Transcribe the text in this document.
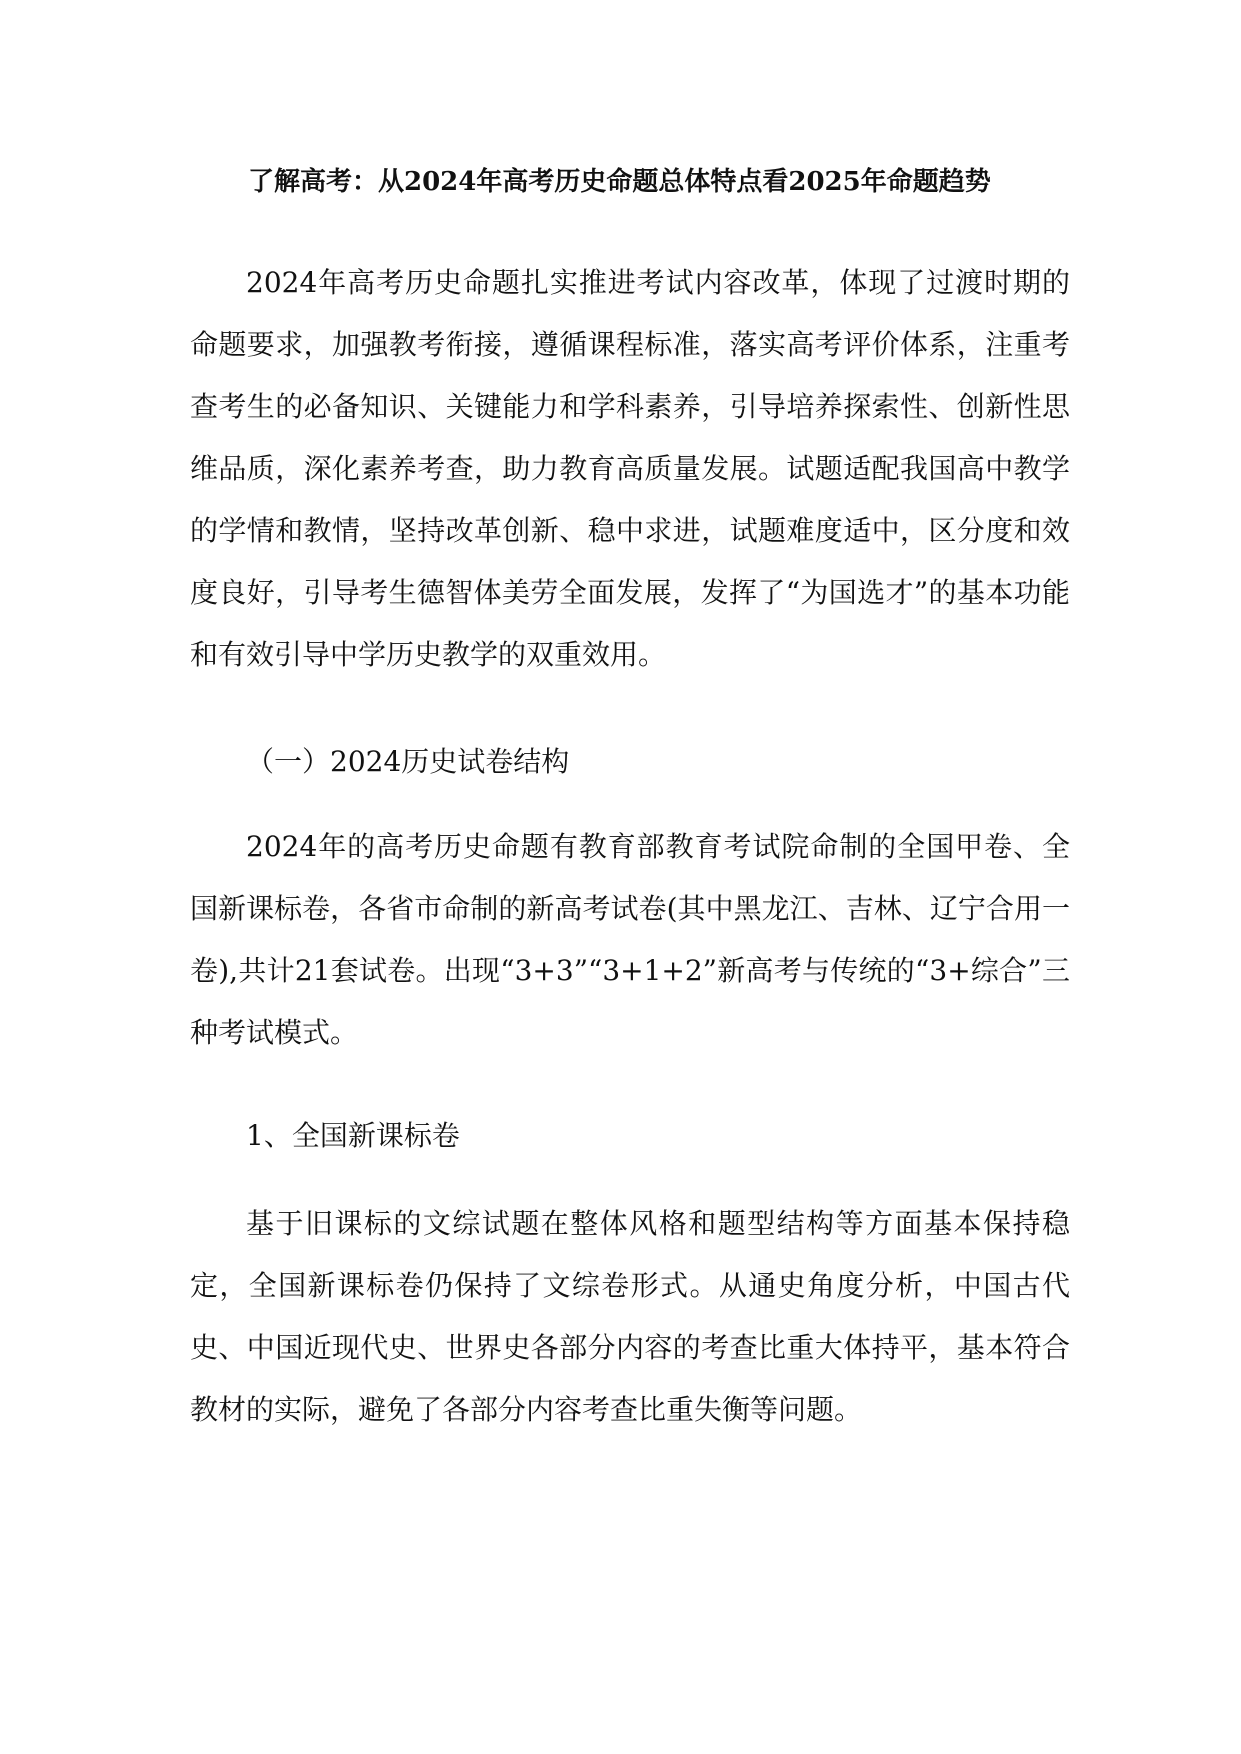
了解高考：从2024年高考历史命题总体特点看2025年命题趋势

2024年高考历史命题扎实推进考试内容改革，体现了过渡时期的命题要求，加强教考衔接，遵循课程标准，落实高考评价体系，注重考查考生的必备知识、关键能力和学科素养，引导培养探索性、创新性思维品质，深化素养考查，助力教育高质量发展。试题适配我国高中教学的学情和教情，坚持改革创新、稳中求进，试题难度适中，区分度和效度良好，引导考生德智体美劳全面发展，发挥了“为国选才”的基本功能和有效引导中学历史教学的双重效用。

（一）2024历史试卷结构

2024年的高考历史命题有教育部教育考试院命制的全国甲卷、全国新课标卷，各省市命制的新高考试卷(其中黑龙江、吉林、辽宁合用一卷),共计21套试卷。出现“3+3”“3+1+2”新高考与传统的“3+综合”三种考试模式。

1、全国新课标卷

基于旧课标的文综试题在整体风格和题型结构等方面基本保持稳定，全国新课标卷仍保持了文综卷形式。从通史角度分析，中国古代史、中国近现代史、世界史各部分内容的考查比重大体持平，基本符合教材的实际，避免了各部分内容考查比重失衡等问题。
